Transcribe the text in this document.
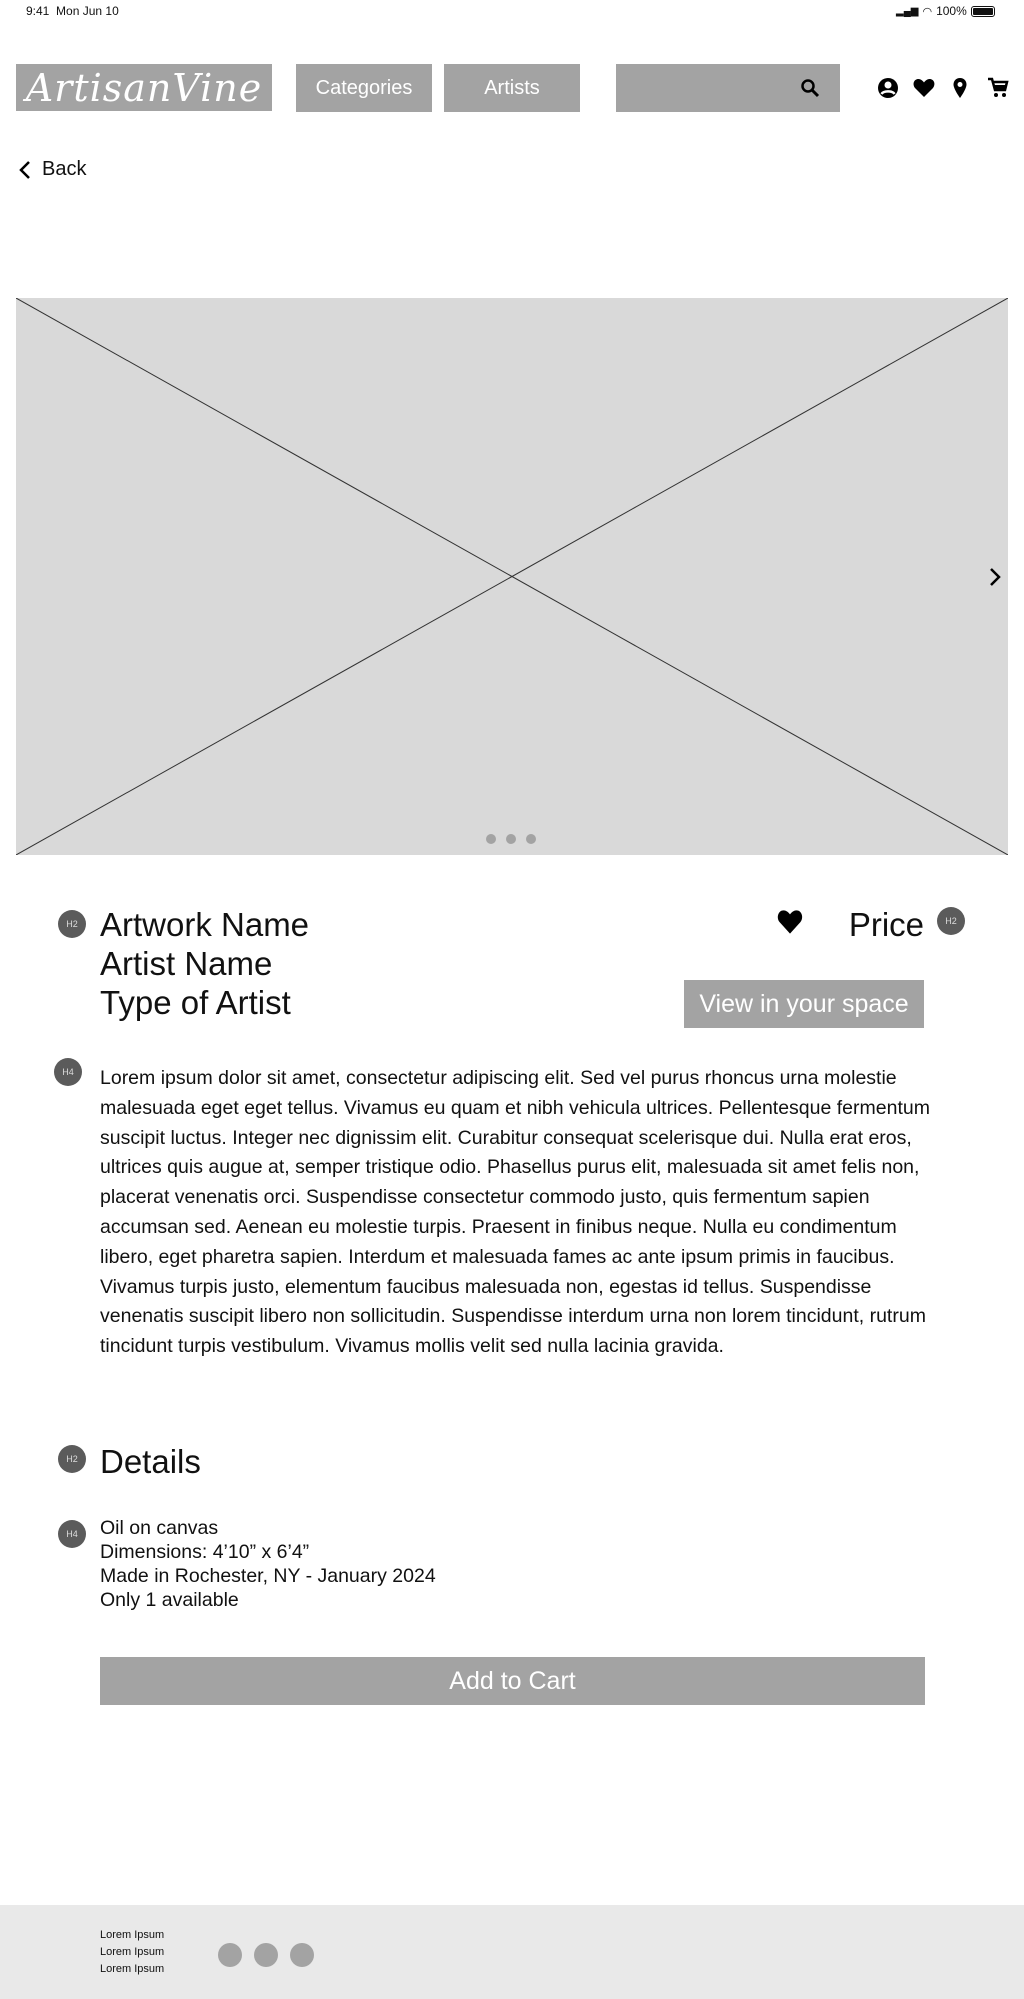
9:41 Mon Jun 10	▂▄▆ ◠ 100%
ArtisanVine	Categories	Artists
Back
H2 Artwork Name
Artist Name
Type of Artist
Price	H2
View in your space
H4	Lorem ipsum dolor sit amet, consectetur adipiscing elit. Sed vel purus rhoncus urna molestie malesuada eget eget tellus. Vivamus eu quam et nibh vehicula ultrices. Pellentesque fermentum suscipit luctus. Integer nec dignissim elit. Curabitur consequat scelerisque dui. Nulla erat eros, ultrices quis augue at, semper tristique odio. Phasellus purus elit, malesuada sit amet felis non, placerat venenatis orci. Suspendisse consectetur commodo justo, quis fermentum sapien accumsan sed. Aenean eu molestie turpis. Praesent in finibus neque. Nulla eu condimentum libero, eget pharetra sapien. Interdum et malesuada fames ac ante ipsum primis in faucibus. Vivamus turpis justo, elementum faucibus malesuada non, egestas id tellus. Suspendisse venenatis suscipit libero non sollicitudin. Suspendisse interdum urna non lorem tincidunt, rutrum tincidunt turpis vestibulum. Vivamus mollis velit sed nulla lacinia gravida.
H2 Details
H4	Oil on canvas
Dimensions: 4’10” x 6’4”
Made in Rochester, NY - January 2024
Only 1 available
Add to Cart
Lorem Ipsum
Lorem Ipsum
Lorem Ipsum
